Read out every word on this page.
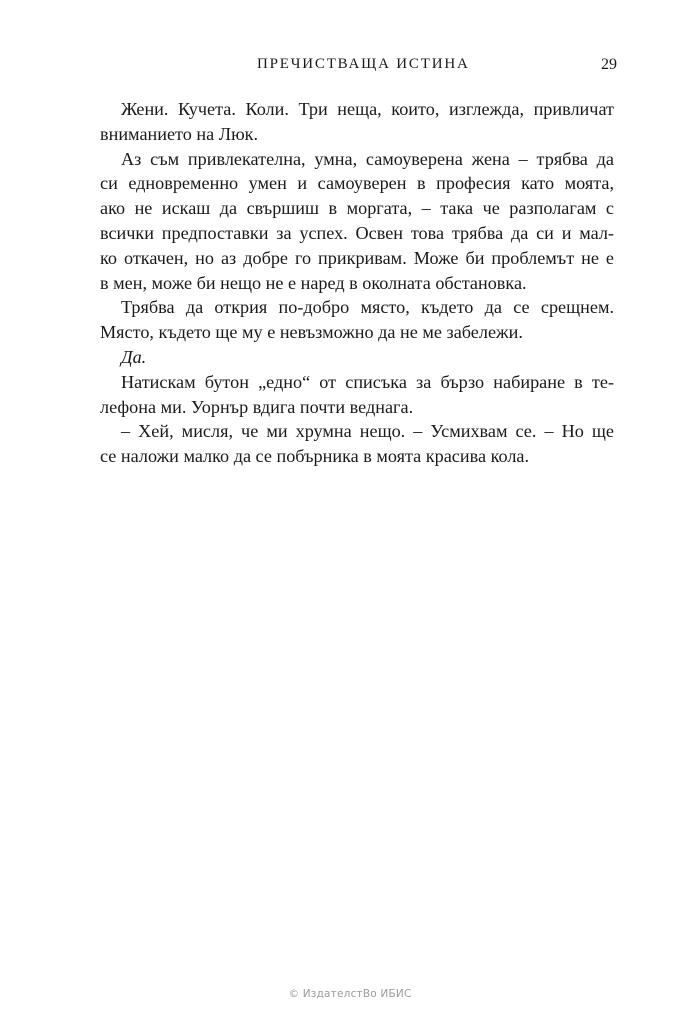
ПРЕЧИСТВАЩА ИСТИНА	29

Жени. Кучета. Коли. Три неща, които, изглежда, привличат
вниманието на Люк.

Аз съм привлекателна, умна, самоуверена жена – трябва да
си едновременно умен и самоуверен в професия като моята,
ако не искаш да свършиш в моргата, – така че разполагам с
всички предпоставки за успех. Освен това трябва да си и мал-
ко откачен, но аз добре го прикривам. Може би проблемът не е
в мен, може би нещо не е наред в околната обстановка.

Трябва да открия по-добро място, където да се срещнем.
Място, където ще му е невъзможно да не ме забележи.

Да.

Натискам бутон „едно“ от списъка за бързо набиране в те-
лефона ми. Уорнър вдига почти веднага.

– Хей, мисля, че ми хрумна нещо. – Усмихвам се. – Но ще
се наложи малко да се побърника в моята красива кола.

© ИздателстВо ИБИС
